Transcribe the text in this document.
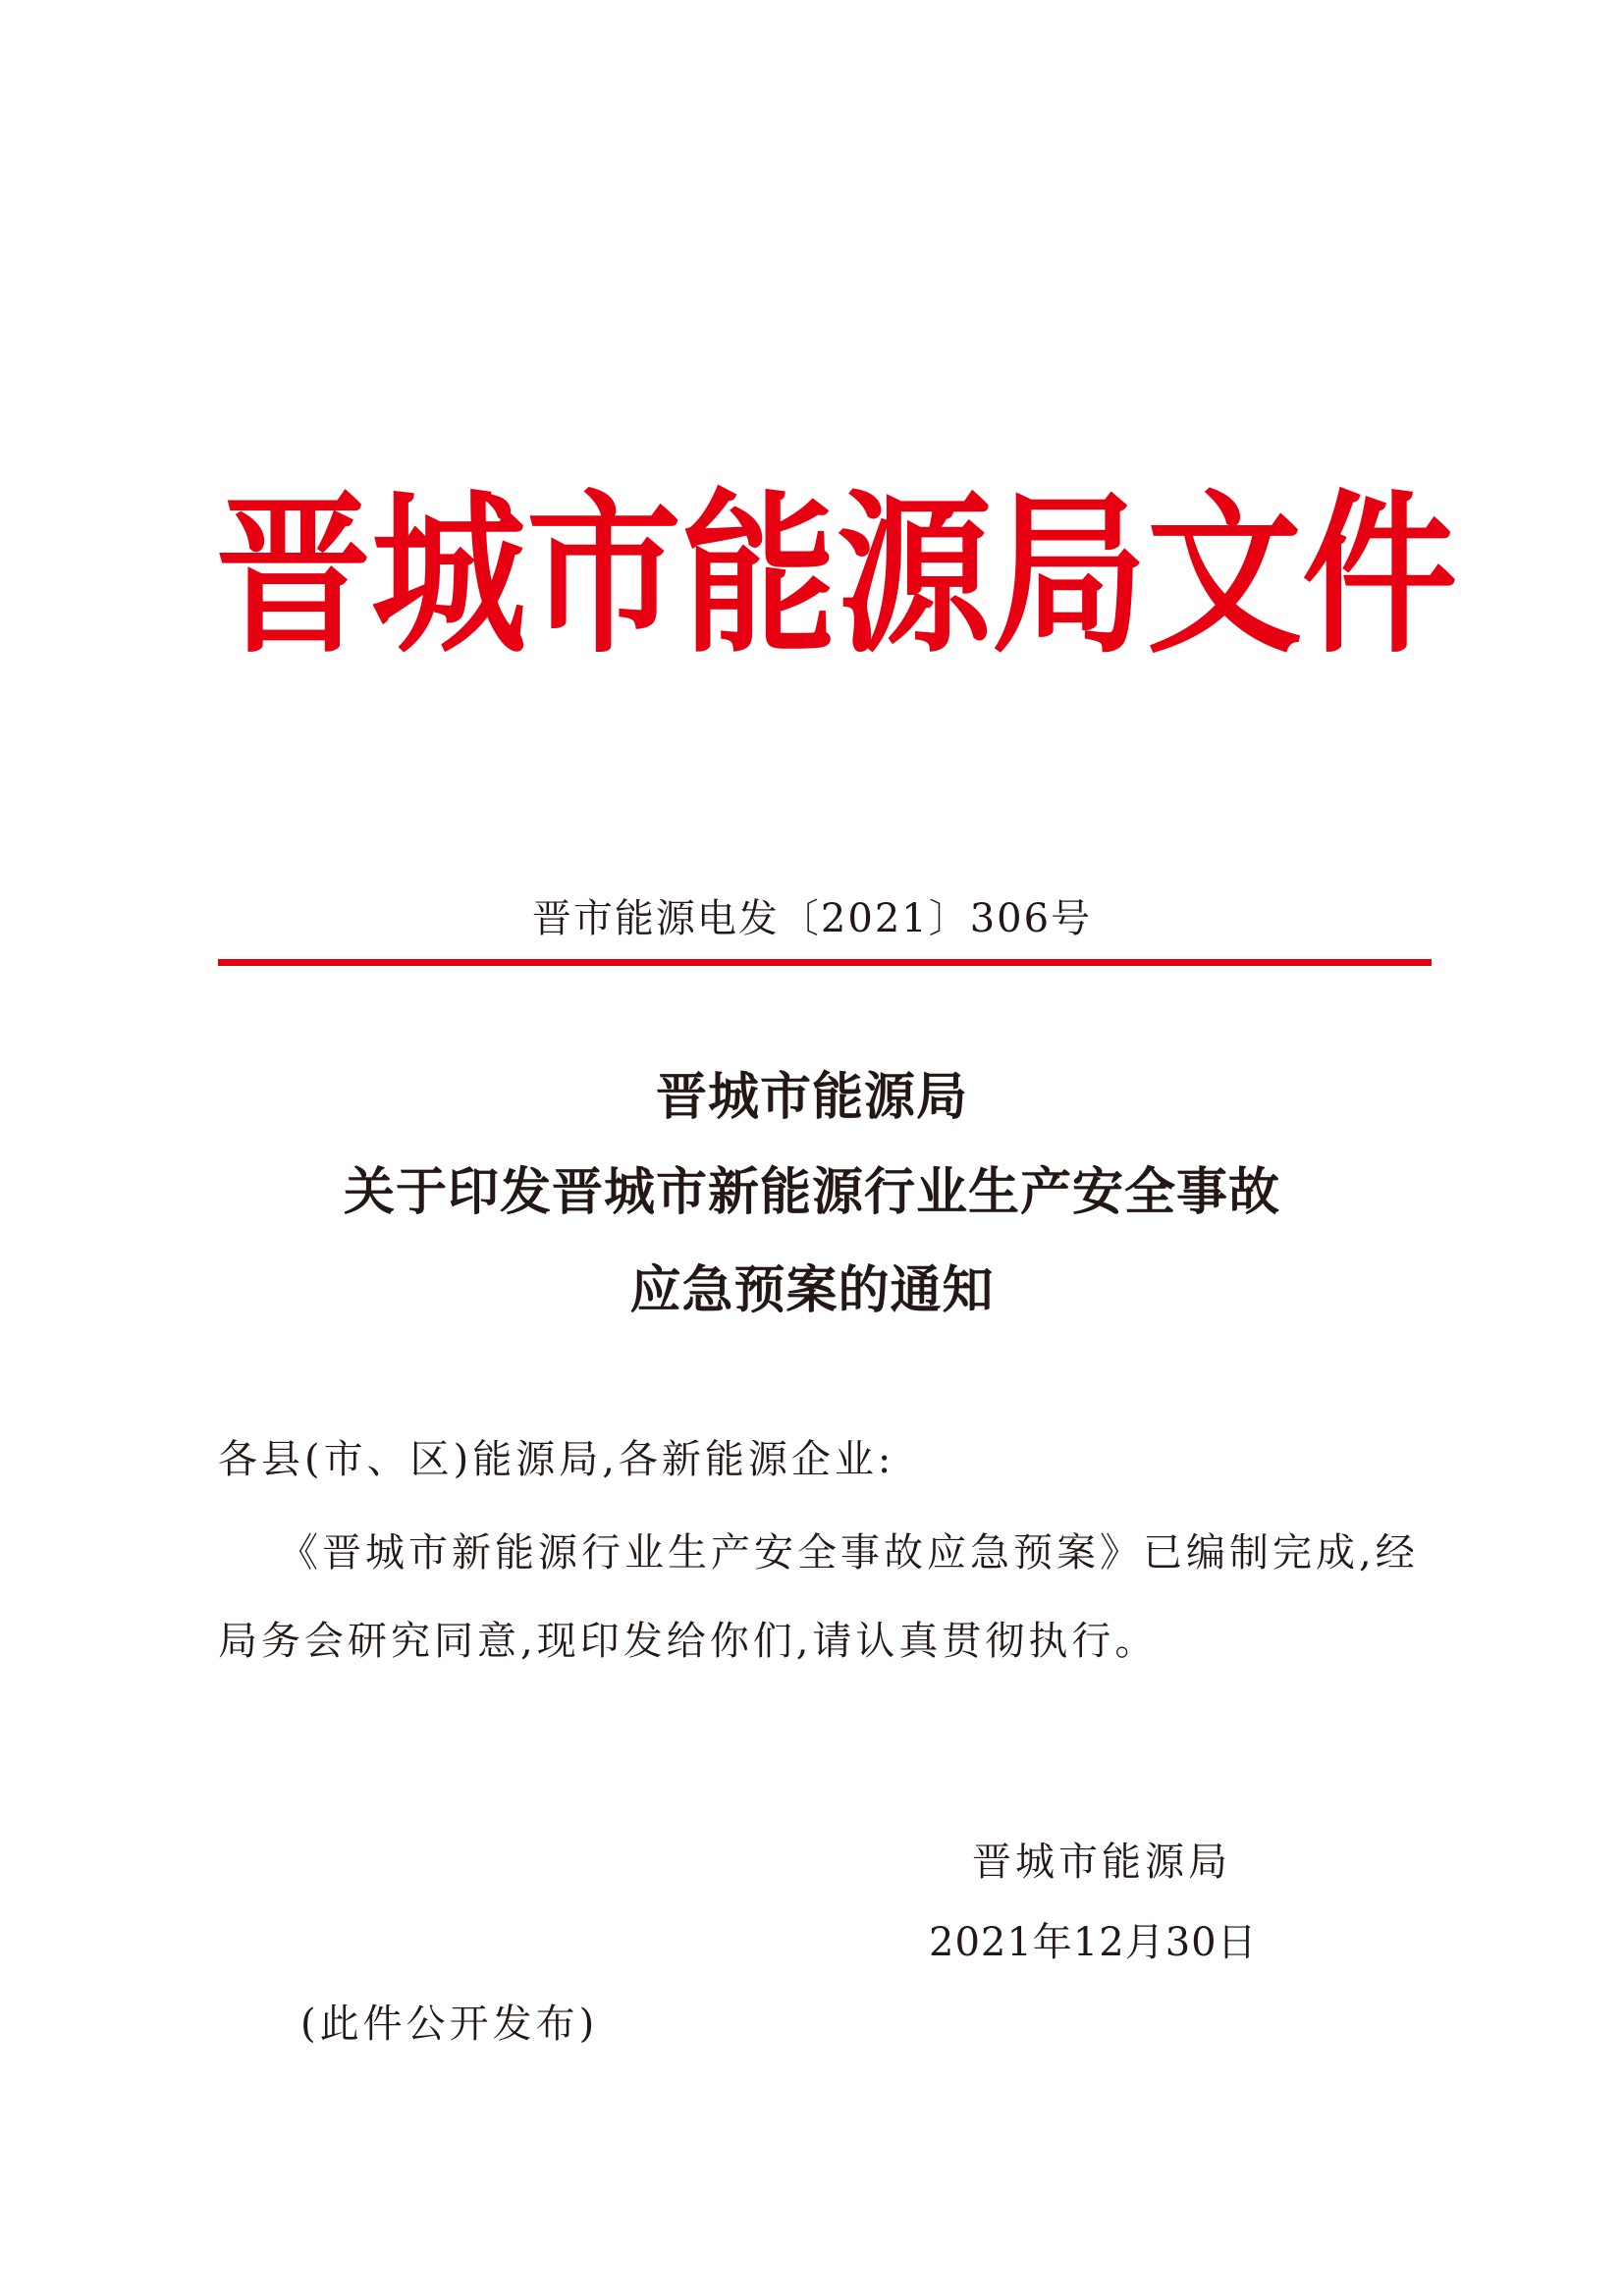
晋 城 市 能 源 局 文 件
晋市能源电发〔2021〕306号
晋城市能源局
关于印发晋城市新能源行业生产安全事故
应急预案的通知
各县(市、区)能源局,各新能源企业:
《晋城市新能源行业生产安全事故应急预案》已编制完成,经局务会研究同意,现印发给你们,请认真贯彻执行。
晋城市能源局
2021年12月30日
(此件公开发布)
